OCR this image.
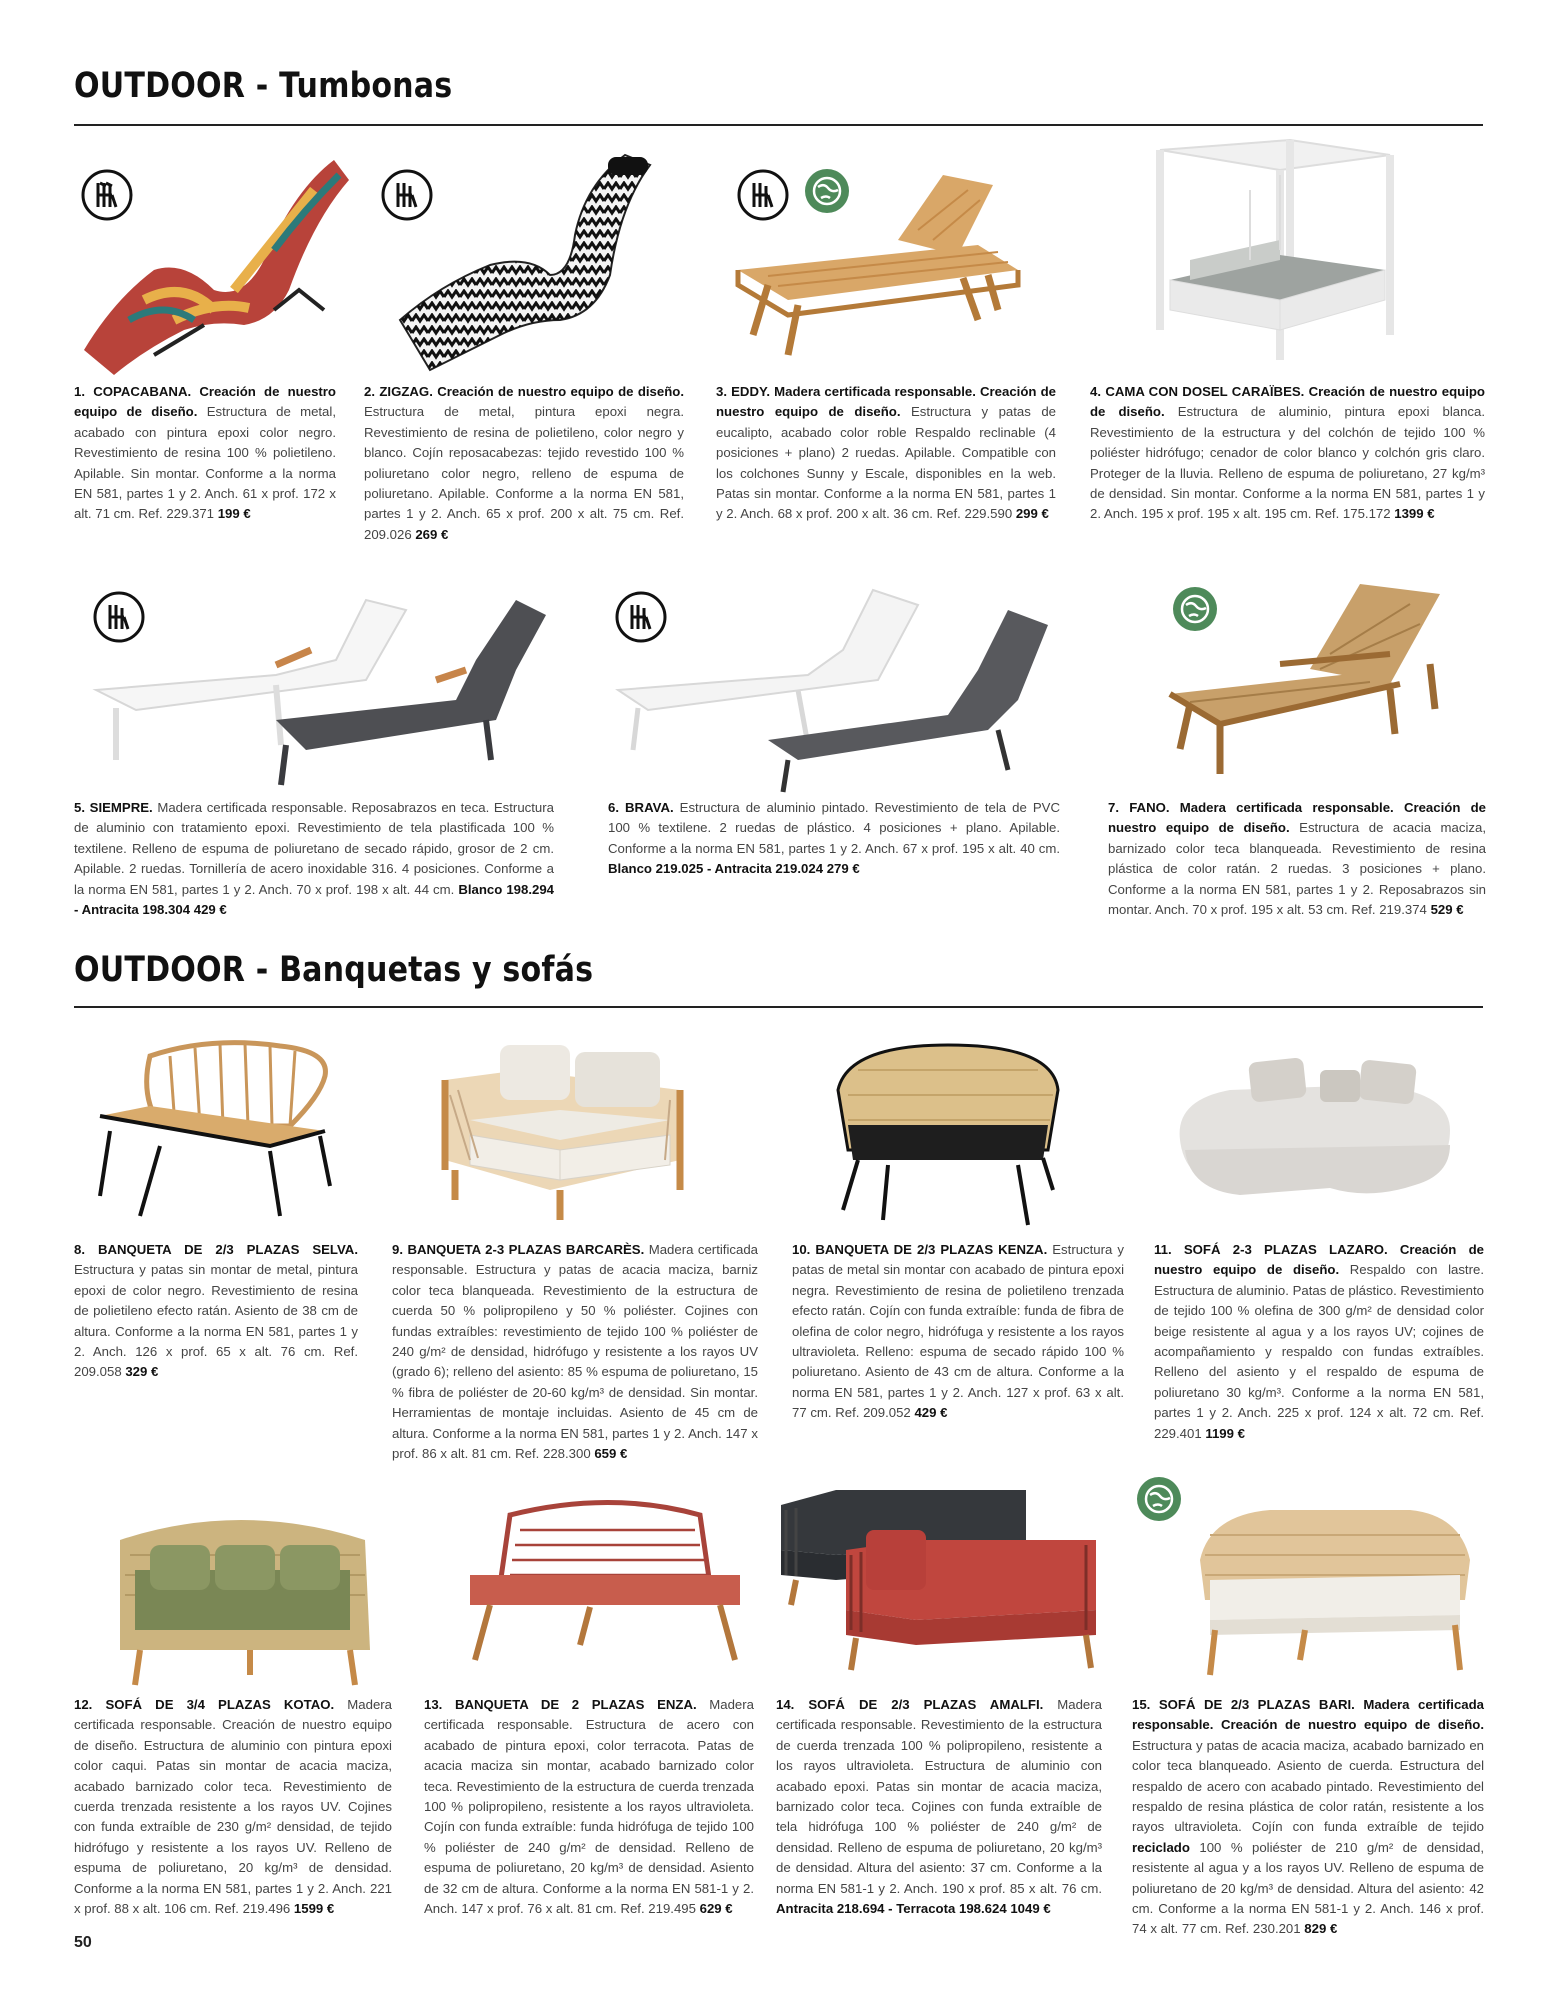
OUTDOOR - Tumbonas
OUTDOOR - Banquetas y sofás
1. COPACABANA. Creación de nuestro equipo de diseño. Estructura de metal, acabado con pintura epoxi color negro. Revestimiento de resina 100 % polietileno. Apilable. Sin montar. Conforme a la norma EN 581, partes 1 y 2. Anch. 61 x prof. 172 x alt. 71 cm. Ref. 229.371 199 €
2. ZIGZAG. Creación de nuestro equipo de diseño. Estructura de metal, pintura epoxi negra. Revestimiento de resina de polietileno, color negro y blanco. Cojín reposacabezas: tejido revestido 100 % poliuretano color negro, relleno de espuma de poliuretano. Apilable. Conforme a la norma EN 581, partes 1 y 2. Anch. 65 x prof. 200 x alt. 75 cm. Ref. 209.026 269 €
3. EDDY. Madera certificada responsable. Creación de nuestro equipo de diseño. Estructura y patas de eucalipto, acabado color roble Respaldo reclinable (4 posiciones + plano) 2 ruedas. Apilable. Compatible con los colchones Sunny y Escale, disponibles en la web. Patas sin montar. Conforme a la norma EN 581, partes 1 y 2. Anch. 68 x prof. 200 x alt. 36 cm. Ref. 229.590 299 €
4. CAMA CON DOSEL CARAÏBES. Creación de nuestro equipo de diseño. Estructura de aluminio, pintura epoxi blanca. Revestimiento de la estructura y del colchón de tejido 100 % poliéster hidrófugo; cenador de color blanco y colchón gris claro. Proteger de la lluvia. Relleno de espuma de poliuretano, 27 kg/m³ de densidad. Sin montar. Conforme a la norma EN 581, partes 1 y 2. Anch. 195 x prof. 195 x alt. 195 cm. Ref. 175.172 1399 €
5. SIEMPRE. Madera certificada responsable. Reposabrazos en teca. Estructura de aluminio con tratamiento epoxi. Revestimiento de tela plastificada 100 % textilene. Relleno de espuma de poliuretano de secado rápido, grosor de 2 cm. Apilable. 2 ruedas. Tornillería de acero inoxidable 316. 4 posiciones. Conforme a la norma EN 581, partes 1 y 2. Anch. 70 x prof. 198 x alt. 44 cm. Blanco 198.294 - Antracita 198.304 429 €
6. BRAVA. Estructura de aluminio pintado. Revestimiento de tela de PVC 100 % textilene. 2 ruedas de plástico. 4 posiciones + plano. Apilable. Conforme a la norma EN 581, partes 1 y 2. Anch. 67 x prof. 195 x alt. 40 cm. Blanco 219.025 - Antracita 219.024 279 €
7. FANO. Madera certificada responsable. Creación de nuestro equipo de diseño. Estructura de acacia maciza, barnizado color teca blanqueada. Revestimiento de resina plástica de color ratán. 2 ruedas. 3 posiciones + plano. Conforme a la norma EN 581, partes 1 y 2. Reposabrazos sin montar. Anch. 70 x prof. 195 x alt. 53 cm. Ref. 219.374 529 €
8. BANQUETA DE 2/3 PLAZAS SELVA. Estructura y patas sin montar de metal, pintura epoxi de color negro. Revestimiento de resina de polietileno efecto ratán. Asiento de 38 cm de altura. Conforme a la norma EN 581, partes 1 y 2. Anch. 126 x prof. 65 x alt. 76 cm. Ref. 209.058 329 €
9. BANQUETA 2-3 PLAZAS BARCARÈS. Madera certificada responsable. Estructura y patas de acacia maciza, barniz color teca blanqueada. Revestimiento de la estructura de cuerda 50 % polipropileno y 50 % poliéster. Cojines con fundas extraíbles: revestimiento de tejido 100 % poliéster de 240 g/m² de densidad, hidrófugo y resistente a los rayos UV (grado 6); relleno del asiento: 85 % espuma de poliuretano, 15 % fibra de poliéster de 20-60 kg/m³ de densidad. Sin montar. Herramientas de montaje incluidas. Asiento de 45 cm de altura. Conforme a la norma EN 581, partes 1 y 2. Anch. 147 x prof. 86 x alt. 81 cm. Ref. 228.300 659 €
10. BANQUETA DE 2/3 PLAZAS KENZA. Estructura y patas de metal sin montar con acabado de pintura epoxi negra. Revestimiento de resina de polietileno trenzada efecto ratán. Cojín con funda extraíble: funda de fibra de olefina de color negro, hidrófuga y resistente a los rayos ultravioleta. Relleno: espuma de secado rápido 100 % poliuretano. Asiento de 43 cm de altura. Conforme a la norma EN 581, partes 1 y 2. Anch. 127 x prof. 63 x alt. 77 cm. Ref. 209.052 429 €
11. SOFÁ 2-3 PLAZAS LAZARO. Creación de nuestro equipo de diseño. Respaldo con lastre. Estructura de aluminio. Patas de plástico. Revestimiento de tejido 100 % olefina de 300 g/m² de densidad color beige resistente al agua y a los rayos UV; cojines de acompañamiento y respaldo con fundas extraíbles. Relleno del asiento y el respaldo de espuma de poliuretano 30 kg/m³. Conforme a la norma EN 581, partes 1 y 2. Anch. 225 x prof. 124 x alt. 72 cm. Ref. 229.401 1199 €
12. SOFÁ DE 3/4 PLAZAS KOTAO. Madera certificada responsable. Creación de nuestro equipo de diseño. Estructura de aluminio con pintura epoxi color caqui. Patas sin montar de acacia maciza, acabado barnizado color teca. Revestimiento de cuerda trenzada resistente a los rayos UV. Cojines con funda extraíble de 230 g/m² densidad, de tejido hidrófugo y resistente a los rayos UV. Relleno de espuma de poliuretano, 20 kg/m³ de densidad. Conforme a la norma EN 581, partes 1 y 2. Anch. 221 x prof. 88 x alt. 106 cm. Ref. 219.496 1599 €
13. BANQUETA DE 2 PLAZAS ENZA. Madera certificada responsable. Estructura de acero con acabado de pintura epoxi, color terracota. Patas de acacia maciza sin montar, acabado barnizado color teca. Revestimiento de la estructura de cuerda trenzada 100 % polipropileno, resistente a los rayos ultravioleta. Cojín con funda extraíble: funda hidrófuga de tejido 100 % poliéster de 240 g/m² de densidad. Relleno de espuma de poliuretano, 20 kg/m³ de densidad. Asiento de 32 cm de altura. Conforme a la norma EN 581-1 y 2. Anch. 147 x prof. 76 x alt. 81 cm. Ref. 219.495 629 €
14. SOFÁ DE 2/3 PLAZAS AMALFI. Madera certificada responsable. Revestimiento de la estructura de cuerda trenzada 100 % polipropileno, resistente a los rayos ultravioleta. Estructura de aluminio con acabado epoxi. Patas sin montar de acacia maciza, barnizado color teca. Cojines con funda extraíble de tela hidrófuga 100 % poliéster de 240 g/m² de densidad. Relleno de espuma de poliuretano, 20 kg/m³ de densidad. Altura del asiento: 37 cm. Conforme a la norma EN 581-1 y 2. Anch. 190 x prof. 85 x alt. 76 cm. Antracita 218.694 - Terracota 198.624 1049 €
15. SOFÁ DE 2/3 PLAZAS BARI. Madera certificada responsable. Creación de nuestro equipo de diseño. Estructura y patas de acacia maciza, acabado barnizado en color teca blanqueado. Asiento de cuerda. Estructura del respaldo de acero con acabado pintado. Revestimiento del respaldo de resina plástica de color ratán, resistente a los rayos ultravioleta. Cojín con funda extraíble de tejido reciclado 100 % poliéster de 210 g/m² de densidad, resistente al agua y a los rayos UV. Relleno de espuma de poliuretano de 20 kg/m³ de densidad. Altura del asiento: 42 cm. Conforme a la norma EN 581-1 y 2. Anch. 146 x prof. 74 x alt. 77 cm. Ref. 230.201 829 €
50
